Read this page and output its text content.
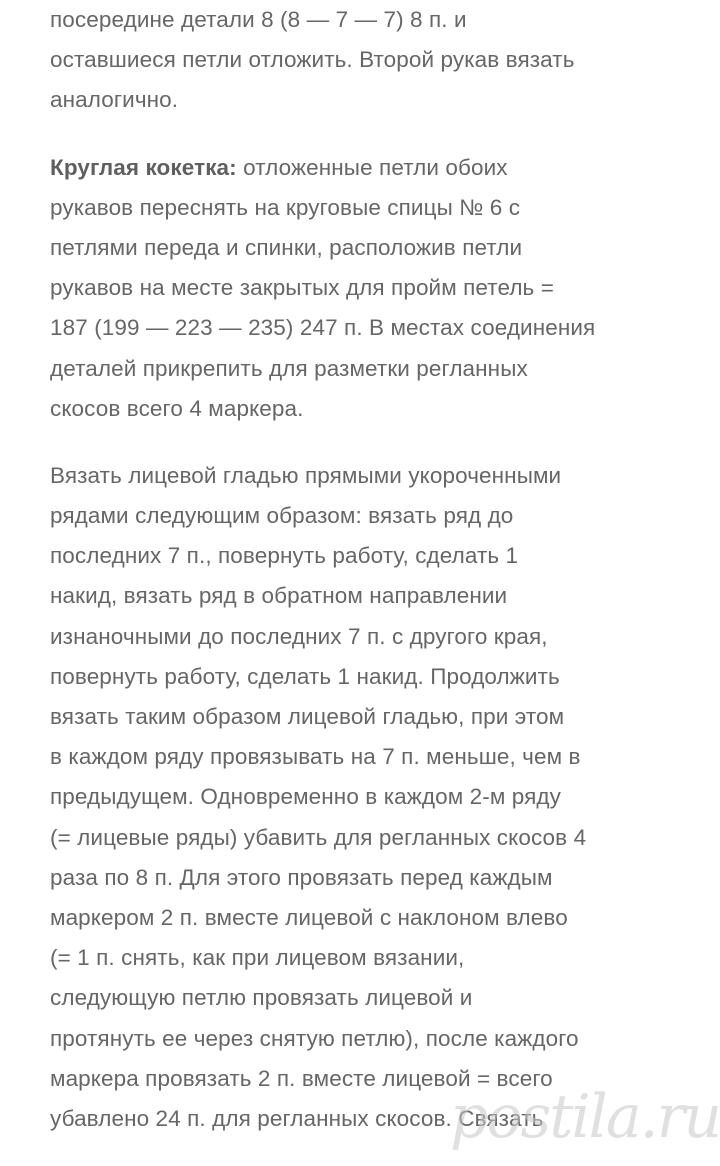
посередине детали 8 (8 — 7 — 7) 8 п. и
оставшиеся петли отложить. Второй рукав вязать
аналогично.

Круглая кокетка: отложенные петли обоих
рукавов переснять на круговые спицы № 6 с
петлями переда и спинки, расположив петли
рукавов на месте закрытых для пройм петель =
187 (199 — 223 — 235) 247 п. В местах соединения
деталей прикрепить для разметки регланных
скосов всего 4 маркера.

Вязать лицевой гладью прямыми укороченными
рядами следующим образом: вязать ряд до
последних 7 п., повернуть работу, сделать 1
накид, вязать ряд в обратном направлении
изнаночными до последних 7 п. с другого края,
повернуть работу, сделать 1 накид. Продолжить
вязать таким образом лицевой гладью, при этом
в каждом ряду провязывать на 7 п. меньше, чем в
предыдущем. Одновременно в каждом 2-м ряду
(= лицевые ряды) убавить для регланных скосов 4
раза по 8 п. Для этого провязать перед каждым
маркером 2 п. вместе лицевой с наклоном влево
(= 1 п. снять, как при лицевом вязании,
следующую петлю провязать лицевой и
протянуть ее через снятую петлю), после каждого
маркера провязать 2 п. вместе лицевой = всего
убавлено 24 п. для регланных скосов. Связать

postila.ru
